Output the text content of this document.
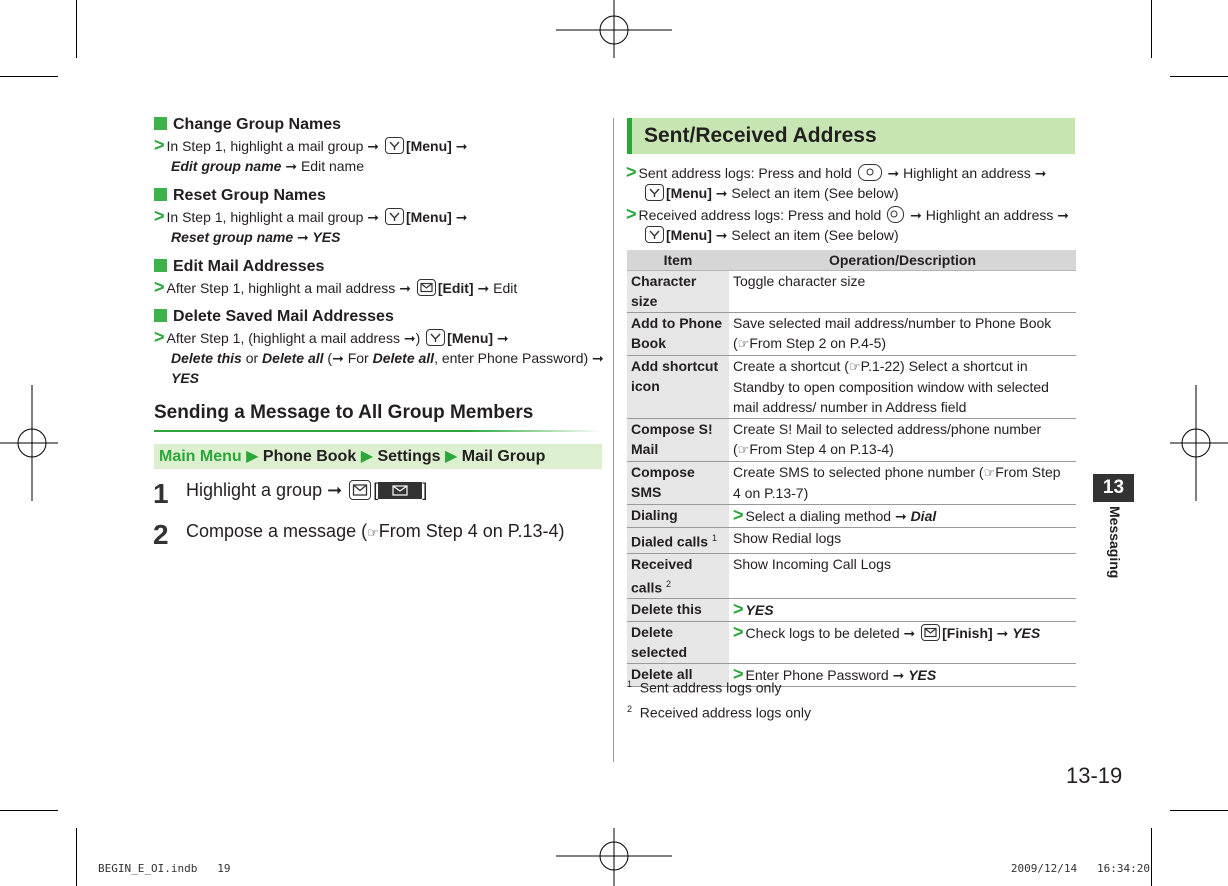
Change Group Names
> In Step 1, highlight a mail group ➞
[Menu] ➞
Edit group name ➞ Edit name
Reset Group Names
> In Step 1, highlight a mail group ➞
[Menu] ➞
Reset group name ➞ YES
Edit Mail Addresses
> After Step 1, highlight a mail address ➞
[Edit] ➞ Edit
Delete Saved Mail Addresses
> After Step 1, (highlight a mail address ➞)
[Menu] ➞
Delete this or Delete all (➞ For Delete all, enter Phone Password) ➞
YES
Sending a Message to All Group Members
Main Menu ▶ Phone Book ▶ Settings ▶ Mail Group
1 Highlight a group ➞
[ ]
2 Compose a message (☞From Step 4 on P.13-4)
Sent/Received Address
> Sent address logs: Press and hold
➞ Highlight an address ➞
[Menu] ➞ Select an item (See below)
> Received address logs: Press and hold
➞ Highlight an address ➞
[Menu] ➞ Select an item (See below)
Item	Operation/Description
Character size	Toggle character size
Add to Phone Book	Save selected mail address/number to Phone Book
(☞From Step 2 on P.4-5)
Add shortcut icon	Create a shortcut (☞P.1-22) Select a shortcut in Standby to open composition window with selected mail address/ number in Address field
Compose S! Mail	Create S! Mail to selected address/phone number
(☞From Step 4 on P.13-4)
Compose SMS	Create SMS to selected phone number (☞From Step 4 on P.13-7)
Dialing	> Select a dialing method ➞ Dial
Dialed calls $^1$	Show Redial logs
Received calls $^2$	Show Incoming Call Logs
Delete this	> YES
Delete selected	> Check logs to be deleted ➞
[Finish] ➞ YES
Delete all	> Enter Phone Password ➞ YES
$^1$ Sent address logs only
$^2$ Received address logs only
13
Messaging
13-19
BEGIN_E_OI.indb 19	2009/12/14 16:34:20
